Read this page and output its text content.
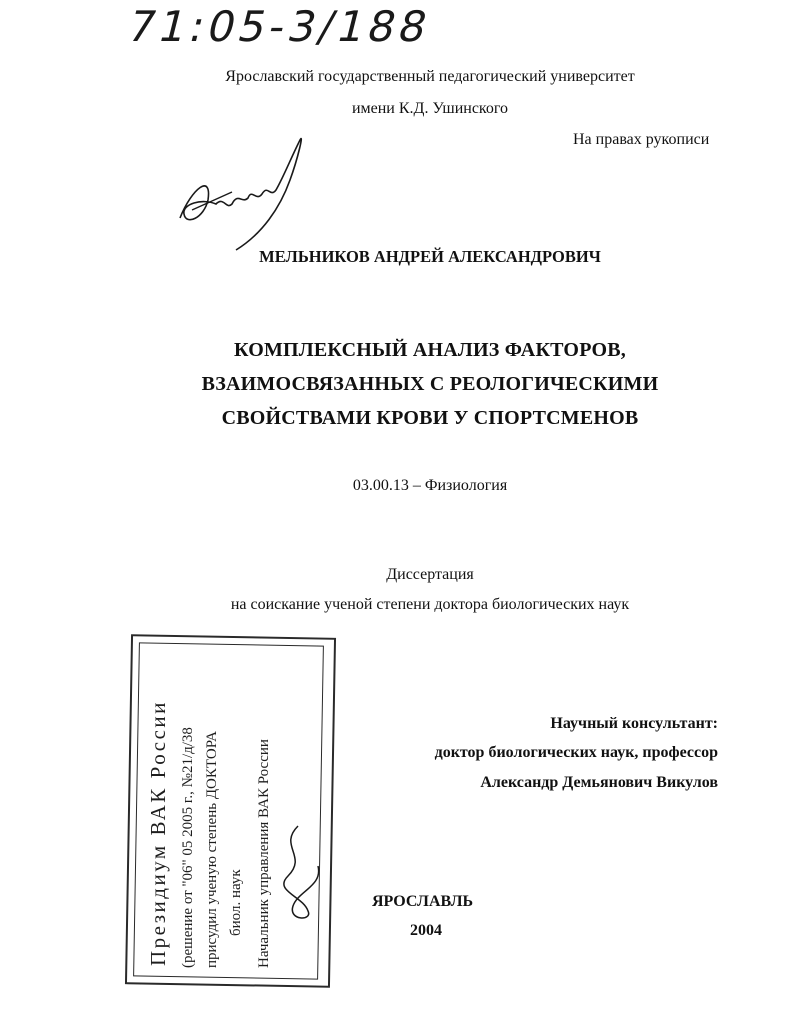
71:05-3/188
Ярославский государственный педагогический университет
имени К.Д. Ушинского
На правах рукописи
МЕЛЬНИКОВ АНДРЕЙ АЛЕКСАНДРОВИЧ
КОМПЛЕКСНЫЙ АНАЛИЗ ФАКТОРОВ,
ВЗАИМОСВЯЗАННЫХ С РЕОЛОГИЧЕСКИМИ
СВОЙСТВАМИ КРОВИ У СПОРТСМЕНОВ
03.00.13 – Физиология
Диссертация
на соискание ученой степени доктора биологических наук
Научный консультант:
доктор биологических наук, профессор
Александр Демьянович Викулов
ЯРОСЛАВЛЬ
2004
Президиум ВАК России (решение от "06" 05 2005 г., №21/д/38 присудил ученую степень ДОКТОРА биол. наук Начальник управления ВАК России
